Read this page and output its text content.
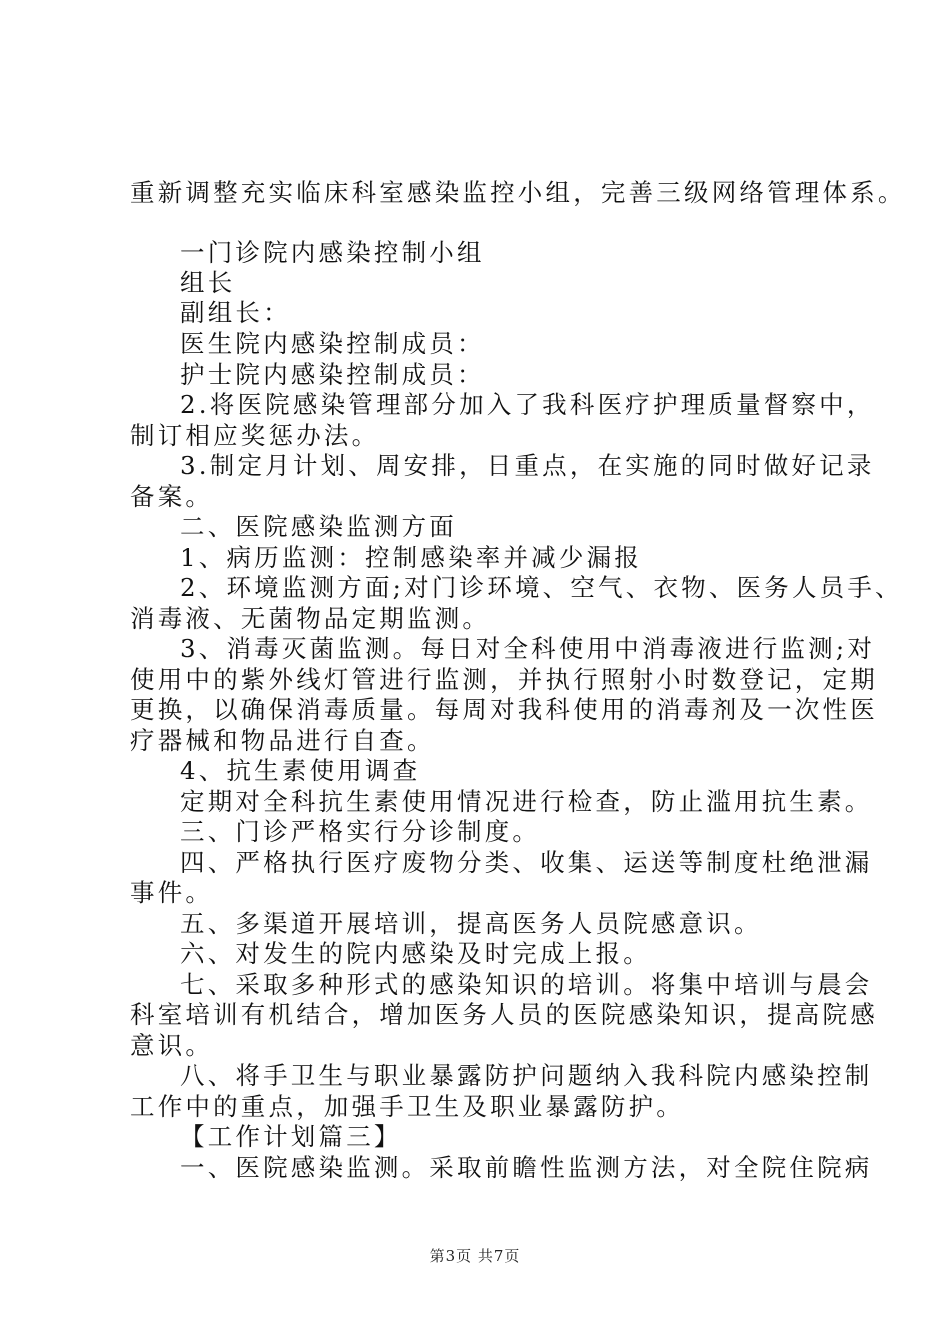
重新调整充实临床科室感染监控小组，完善三级网络管理体系。
一门诊院内感染控制小组
组长
副组长：
医生院内感染控制成员：
护士院内感染控制成员：
2.将医院感染管理部分加入了我科医疗护理质量督察中，
制订相应奖惩办法。
3.制定月计划、周安排，日重点，在实施的同时做好记录
备案。
二、医院感染监测方面
1、病历监测：控制感染率并减少漏报
2、环境监测方面;对门诊环境、空气、衣物、医务人员手、
消毒液、无菌物品定期监测。
3、消毒灭菌监测。每日对全科使用中消毒液进行监测;对
使用中的紫外线灯管进行监测，并执行照射小时数登记，定期
更换，以确保消毒质量。每周对我科使用的消毒剂及一次性医
疗器械和物品进行自查。
4、抗生素使用调查
定期对全科抗生素使用情况进行检查，防止滥用抗生素。
三、门诊严格实行分诊制度。
四、严格执行医疗废物分类、收集、运送等制度杜绝泄漏
事件。
五、多渠道开展培训，提高医务人员院感意识。
六、对发生的院内感染及时完成上报。
七、采取多种形式的感染知识的培训。将集中培训与晨会
科室培训有机结合，增加医务人员的医院感染知识，提高院感
意识。
八、将手卫生与职业暴露防护问题纳入我科院内感染控制
工作中的重点，加强手卫生及职业暴露防护。
【工作计划篇三】
一、医院感染监测。采取前瞻性监测方法，对全院住院病
第3页 共7页
